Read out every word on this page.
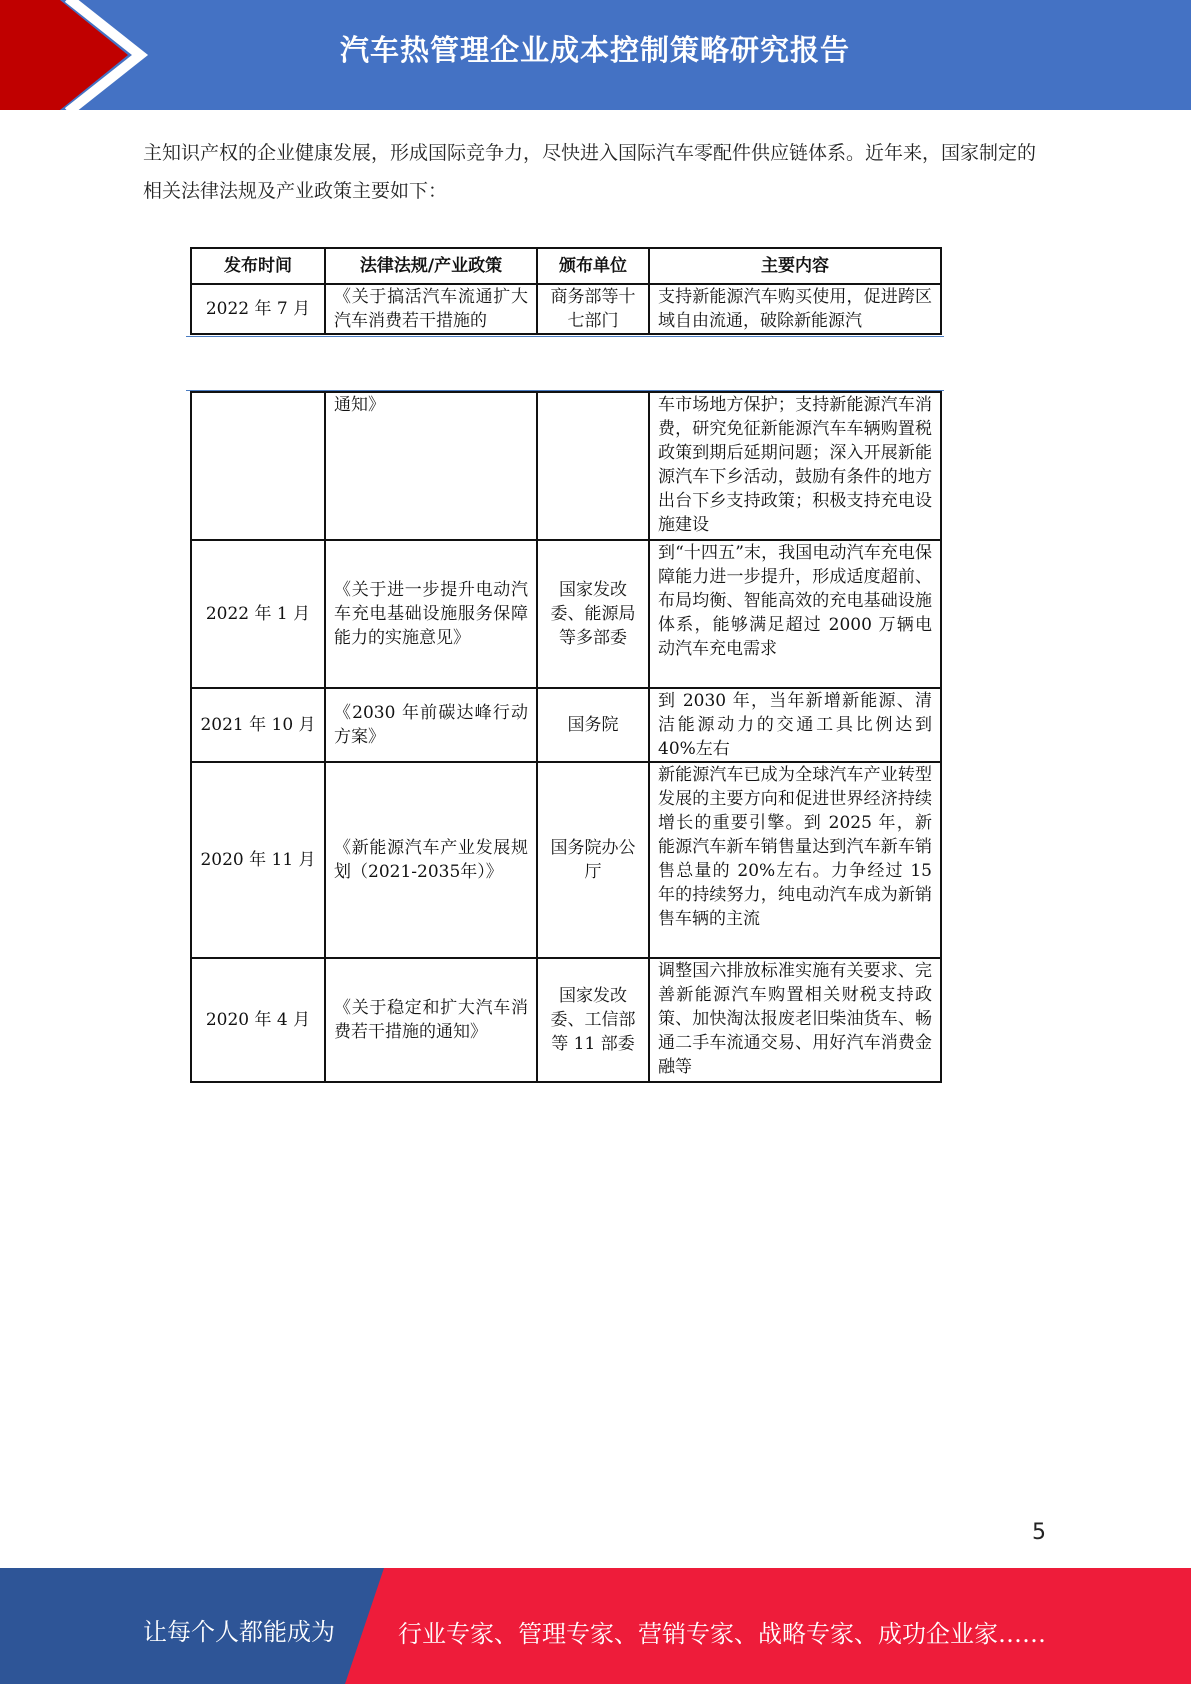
汽车热管理企业成本控制策略研究报告
主知识产权的企业健康发展，形成国际竞争力，尽快进入国际汽车零配件供应链体系。近年来，国家制定的相关法律法规及产业政策主要如下：
发布时间	法律法规/产业政策	颁布单位	主要内容
2022 年 7 月	《关于搞活汽车流通扩大汽车消费若干措施的	商务部等十七部门	支持新能源汽车购买使用，促进跨区域自由流通，破除新能源汽
	通知》		车市场地方保护；支持新能源汽车消费，研究免征新能源汽车车辆购置税政策到期后延期问题；深入开展新能源汽车下乡活动，鼓励有条件的地方出台下乡支持政策；积极支持充电设施建设
2022 年 1 月	《关于进一步提升电动汽车充电基础设施服务保障能力的实施意见》	国家发改委、能源局等多部委	到“十四五”末，我国电动汽车充电保障能力进一步提升，形成适度超前、布局均衡、智能高效的充电基础设施体系，能够满足超过 2000 万辆电动汽车充电需求
2021 年 10 月	《2030 年前碳达峰行动方案》	国务院	到 2030 年，当年新增新能源、清洁能源动力的交通工具比例达到 40%左右
2020 年 11 月	《新能源汽车产业发展规划（2021-2035年）》	国务院办公厅	新能源汽车已成为全球汽车产业转型发展的主要方向和促进世界经济持续增长的重要引擎。到 2025 年，新能源汽车新车销售量达到汽车新车销售总量的 20%左右。力争经过 15 年的持续努力，纯电动汽车成为新销售车辆的主流
2020 年 4 月	《关于稳定和扩大汽车消费若干措施的通知》	国家发改委、工信部等 11 部委	调整国六排放标准实施有关要求、完善新能源汽车购置相关财税支持政策、加快淘汰报废老旧柴油货车、畅通二手车流通交易、用好汽车消费金融等
5
让每个人都能成为	行业专家、管理专家、营销专家、战略专家、成功企业家……
